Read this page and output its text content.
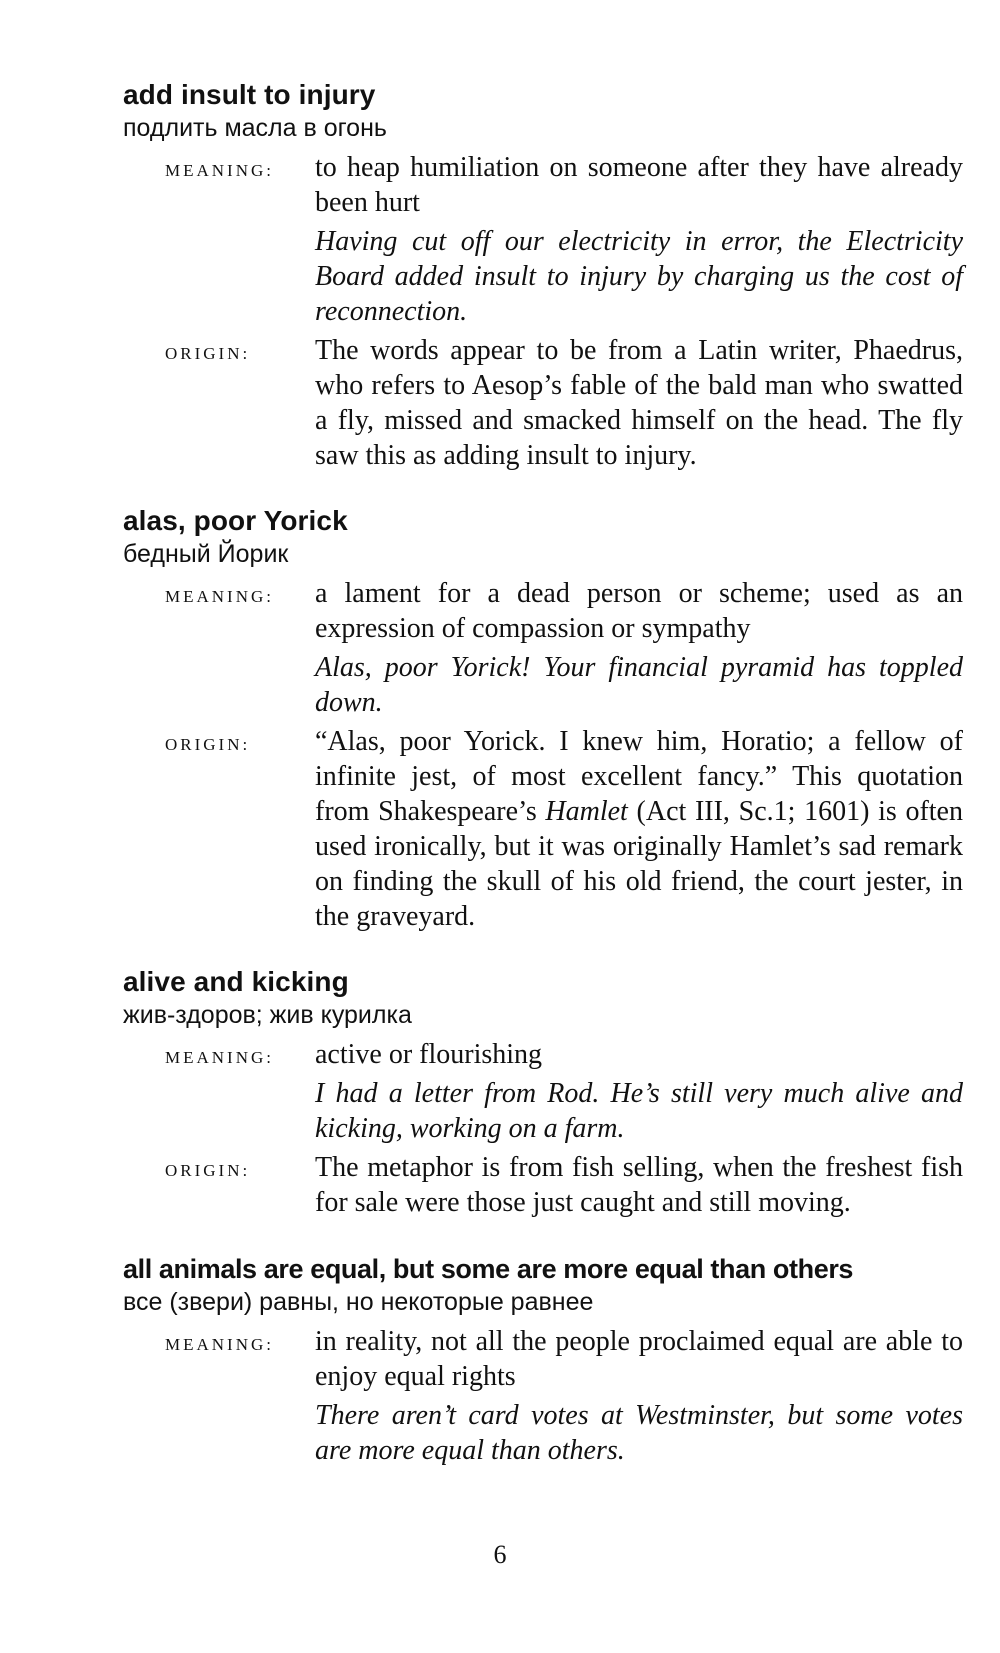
add insult to injury

подлить масла в огонь

MEANING:	to heap humiliation on someone after they have already been hurt

Having cut off our electricity in error, the Electricity Board added insult to injury by charging us the cost of reconnection.

ORIGIN:	The words appear to be from a Latin writer, Phaedrus, who refers to Aesop’s fable of the bald man who swatted a fly, missed and smacked himself on the head. The fly saw this as adding insult to injury.

alas, poor Yorick

бедный Йорик

MEANING:	a lament for a dead person or scheme; used as an expression of compassion or sympathy

Alas, poor Yorick! Your financial pyramid has toppled down.

ORIGIN:	“Alas, poor Yorick. I knew him, Horatio; a fellow of infinite jest, of most excellent fancy.” This quotation from Shakespeare’s Hamlet (Act III, Sc.1; 1601) is often used ironically, but it was originally Hamlet’s sad remark on finding the skull of his old friend, the court jester, in the graveyard.

alive and kicking

жив-здоров; жив курилка

MEANING:	active or flourishing

I had a letter from Rod. He’s still very much alive and kicking, working on a farm.

ORIGIN:	The metaphor is from fish selling, when the freshest fish for sale were those just caught and still moving.

all animals are equal, but some are more equal than others

все (звери) равны, но некоторые равнее

MEANING:	in reality, not all the people proclaimed equal are able to enjoy equal rights

There aren’t card votes at Westminster, but some votes are more equal than others.

6
